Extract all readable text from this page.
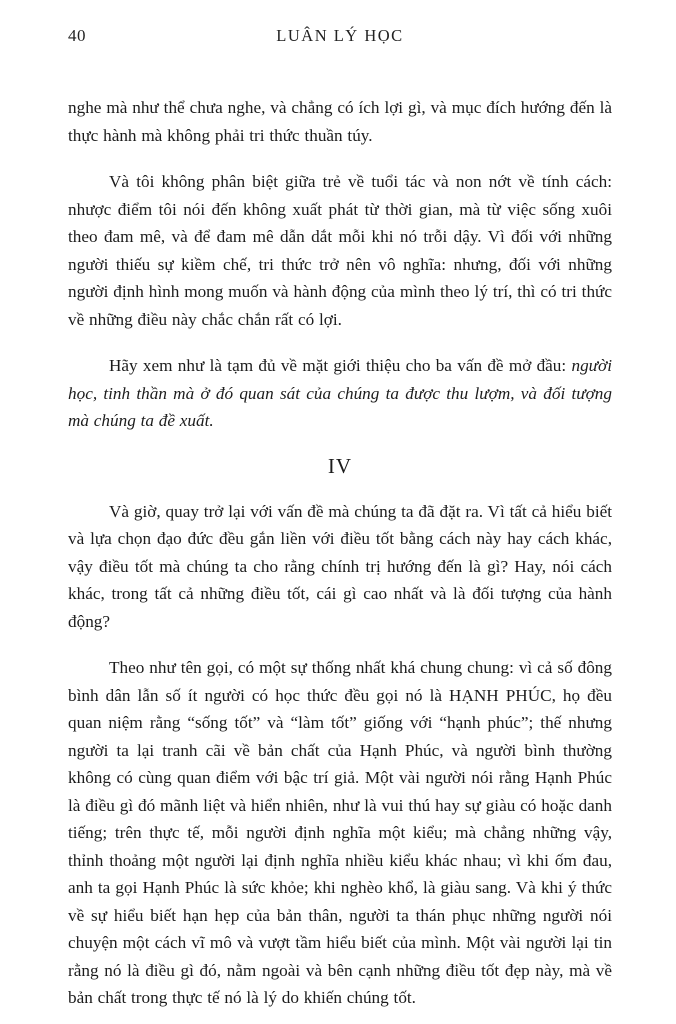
40	LUÂN LÝ HỌC

nghe mà như thể chưa nghe, và chẳng có ích lợi gì, và mục đích hướng đến là thực hành mà không phải tri thức thuần túy.

Và tôi không phân biệt giữa trẻ về tuổi tác và non nớt về tính cách: nhược điểm tôi nói đến không xuất phát từ thời gian, mà từ việc sống xuôi theo đam mê, và để đam mê dẫn dắt mỗi khi nó trỗi dậy. Vì đối với những người thiếu sự kiềm chế, tri thức trở nên vô nghĩa: nhưng, đối với những người định hình mong muốn và hành động của mình theo lý trí, thì có tri thức về những điều này chắc chắn rất có lợi.

Hãy xem như là tạm đủ về mặt giới thiệu cho ba vấn đề mở đầu: người học, tinh thần mà ở đó quan sát của chúng ta được thu lượm, và đối tượng mà chúng ta đề xuất.

IV

Và giờ, quay trở lại với vấn đề mà chúng ta đã đặt ra. Vì tất cả hiểu biết và lựa chọn đạo đức đều gắn liền với điều tốt bằng cách này hay cách khác, vậy điều tốt mà chúng ta cho rằng chính trị hướng đến là gì? Hay, nói cách khác, trong tất cả những điều tốt, cái gì cao nhất và là đối tượng của hành động?

Theo như tên gọi, có một sự thống nhất khá chung chung: vì cả số đông bình dân lẫn số ít người có học thức đều gọi nó là HẠNH PHÚC, họ đều quan niệm rằng “sống tốt” và “làm tốt” giống với “hạnh phúc”; thế nhưng người ta lại tranh cãi về bản chất của Hạnh Phúc, và người bình thường không có cùng quan điểm với bậc trí giả. Một vài người nói rằng Hạnh Phúc là điều gì đó mãnh liệt và hiển nhiên, như là vui thú hay sự giàu có hoặc danh tiếng; trên thực tế, mỗi người định nghĩa một kiểu; mà chẳng những vậy, thỉnh thoảng một người lại định nghĩa nhiều kiểu khác nhau; vì khi ốm đau, anh ta gọi Hạnh Phúc là sức khỏe; khi nghèo khổ, là giàu sang. Và khi ý thức về sự hiểu biết hạn hẹp của bản thân, người ta thán phục những người nói chuyện một cách vĩ mô và vượt tầm hiểu biết của mình. Một vài người lại tin rằng nó là điều gì đó, nằm ngoài và bên cạnh những điều tốt đẹp này, mà về bản chất trong thực tế nó là lý do khiến chúng tốt.
